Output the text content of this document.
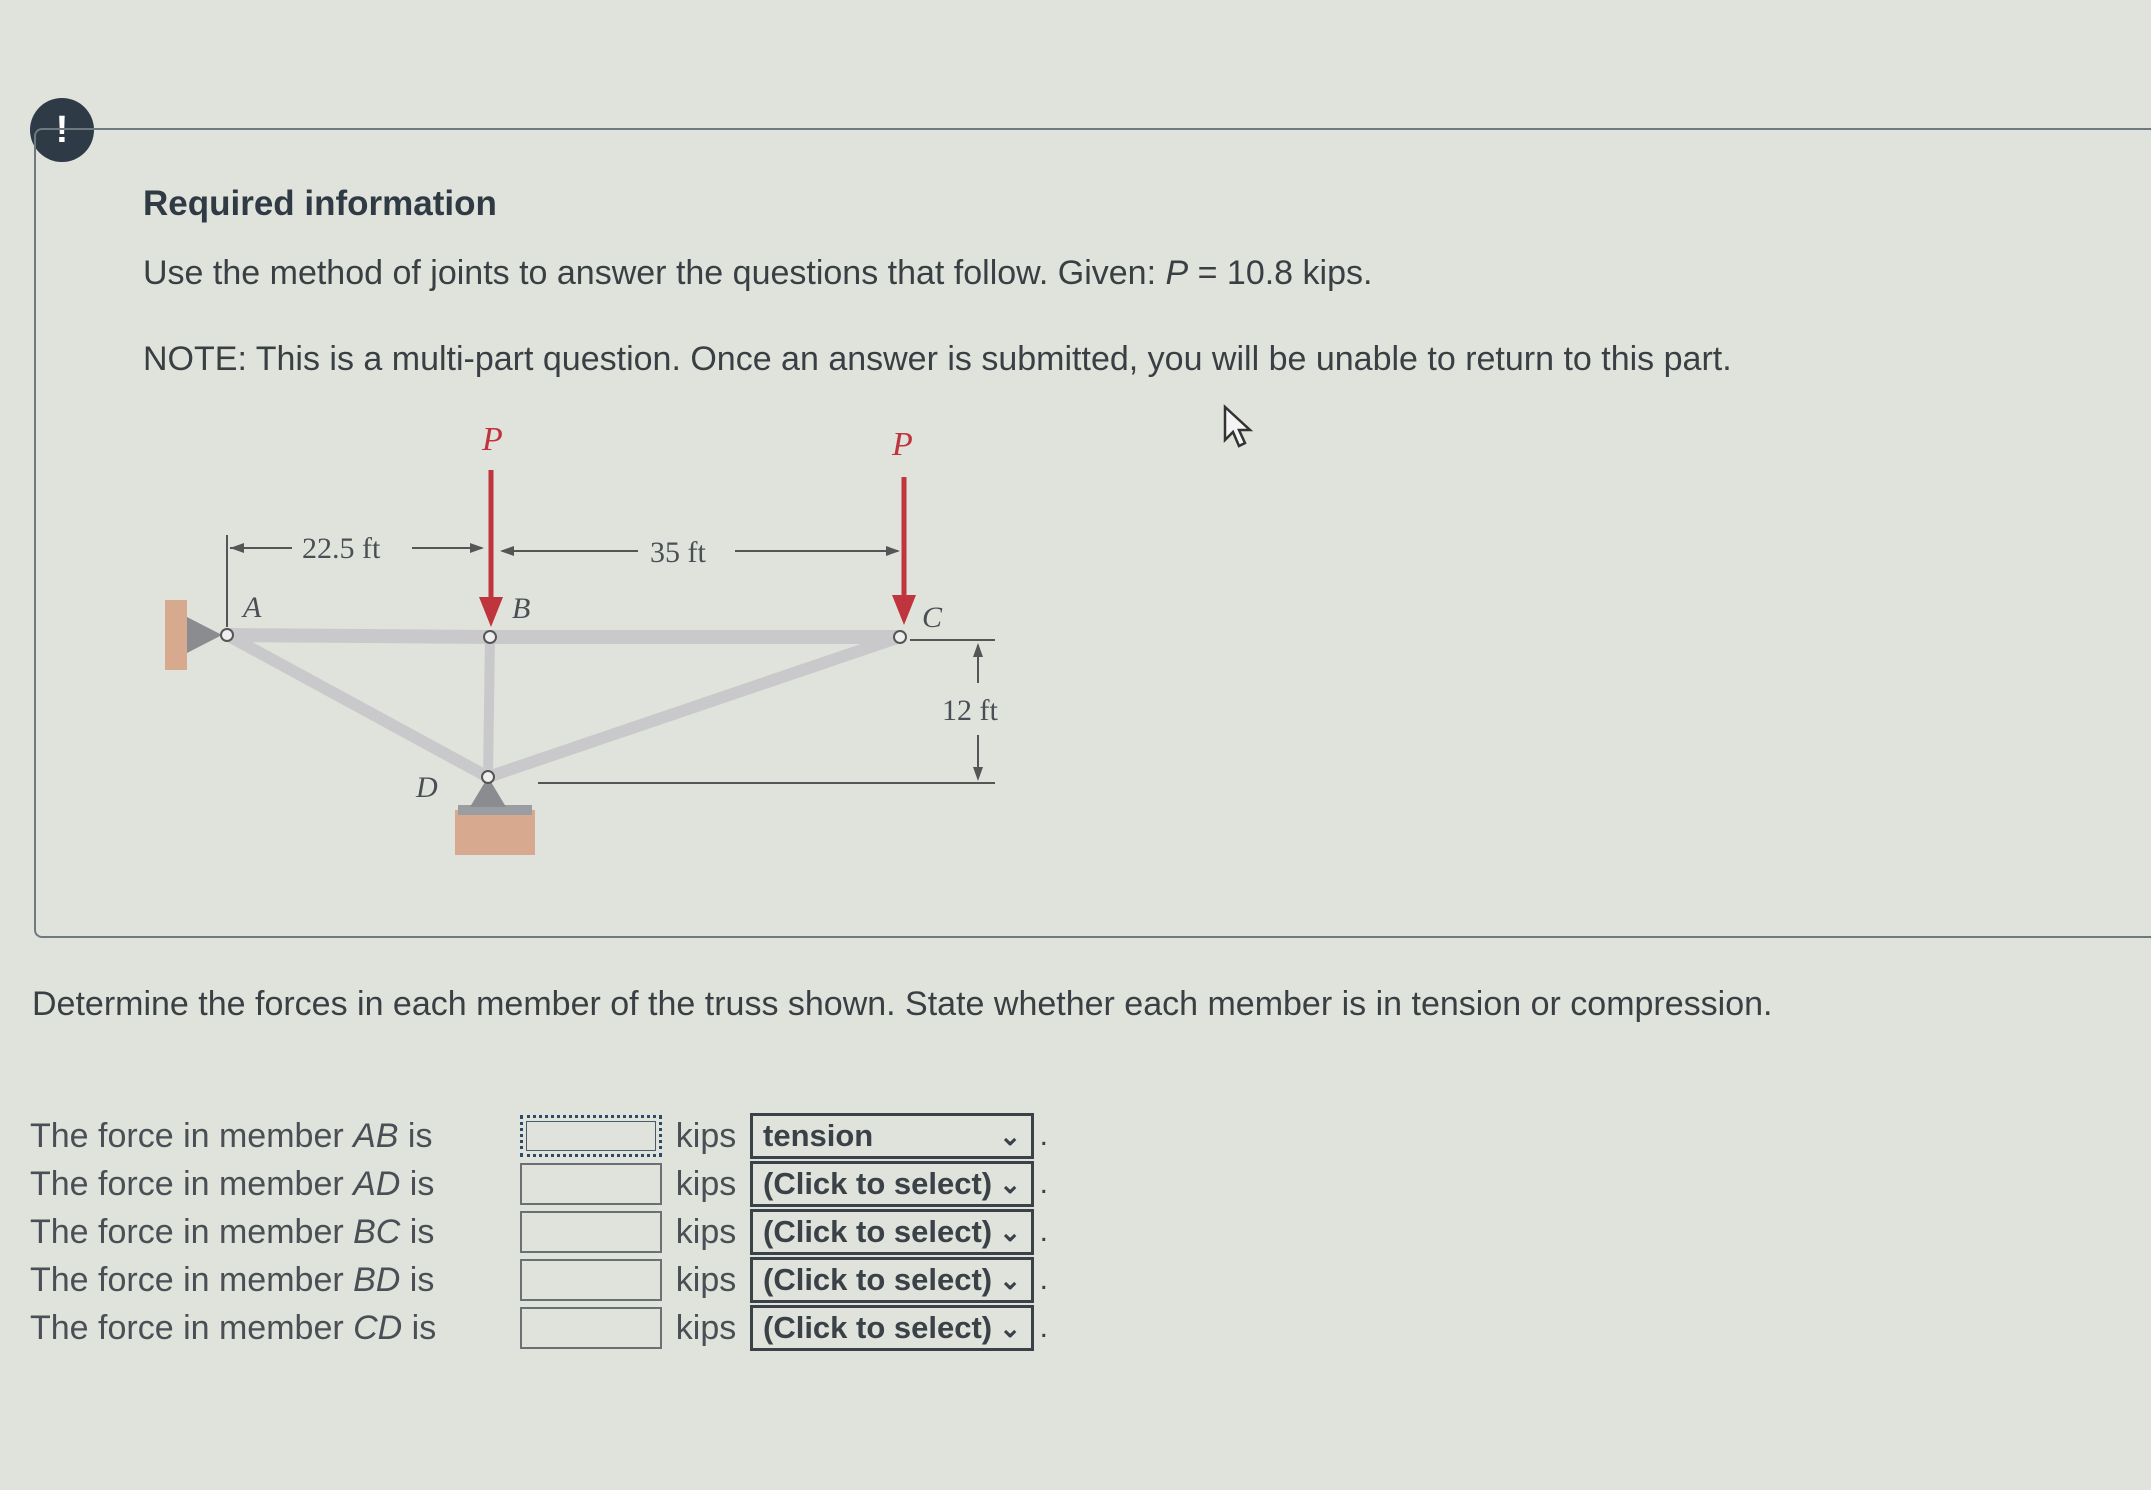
!
Required information
Use the method of joints to answer the questions that follow. Given: P = 10.8 kips.
NOTE: This is a multi-part question. Once an answer is submitted, you will be unable to return to this part.
P	P
22.5 ft	35 ft
12 ft
A	B	C
D
Determine the forces in each member of the truss shown. State whether each member is in tension or compression.
The force in member AB is	kips tension	⌄ .
The force in member AD is	kips (Click to select) ⌄ .
The force in member BC is	kips (Click to select) ⌄ .
The force in member BD is	kips (Click to select) ⌄ .
The force in member CD is	kips (Click to select) ⌄ .
